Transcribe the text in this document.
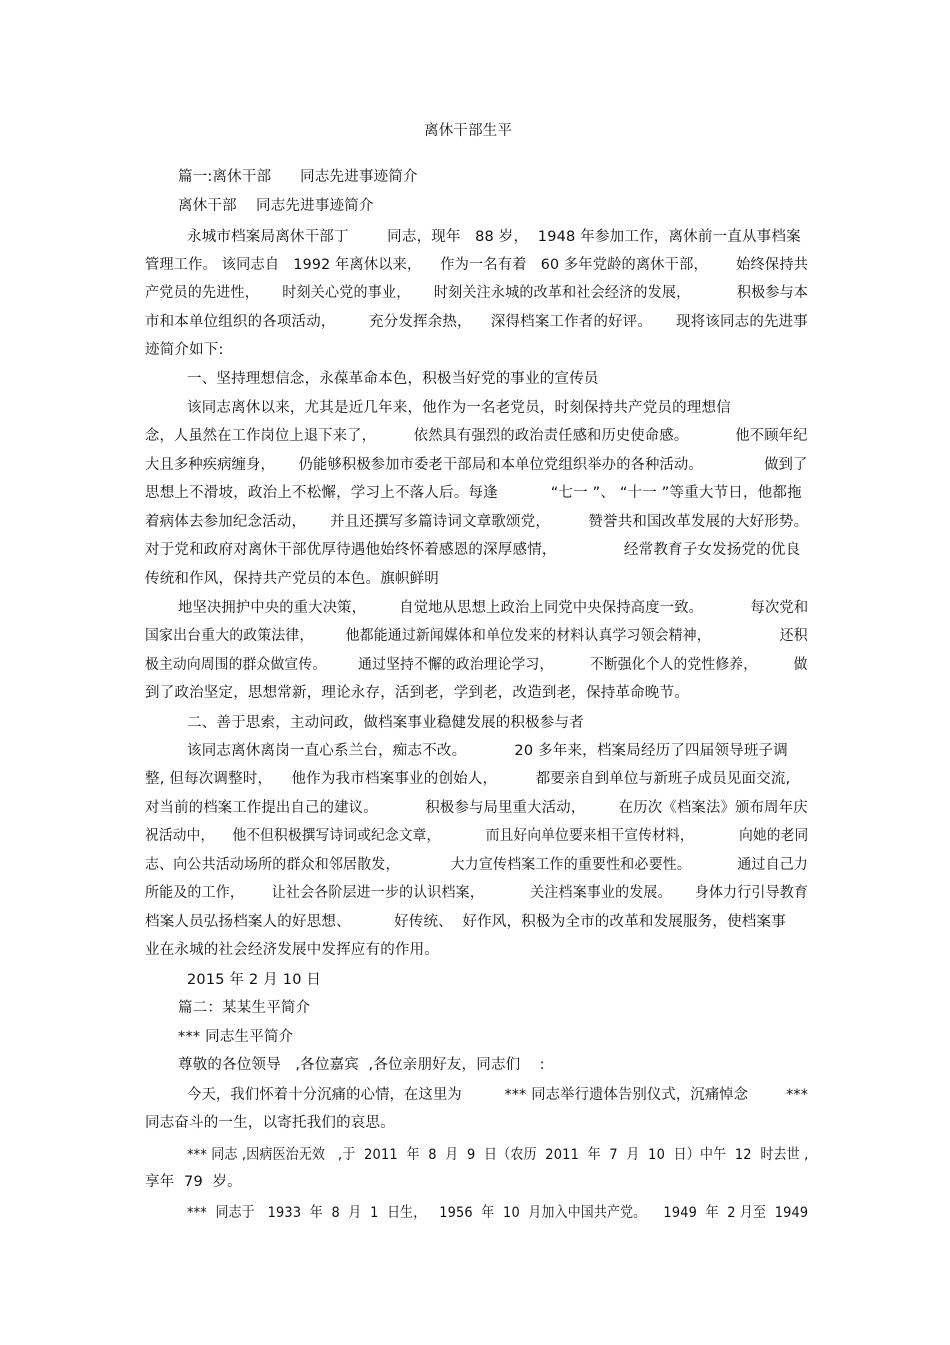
离休干部生平
篇一:离休干部      同志先进事迹简介
离休干部    同志先进事迹简介
永城市档案局离休干部丁        同志，现年   88 岁，  1948 年参加工作，离休前一直从事档案
管理工作。 该同志自   1992 年离休以来，    作为一名有着   60 多年党龄的离休干部，      始终保持共
产党员的先进性，     时刻关心党的事业，     时刻关注永城的改革和社会经济的发展，          积极参与本
市和本单位组织的各项活动，       充分发挥余热，    深得档案工作者的好评。     现将该同志的先进事
迹简介如下:
一、坚持理想信念，永葆革命本色，积极当好党的事业的宣传员
该同志离休以来，尤其是近几年来，他作为一名老党员，时刻保持共产党员的理想信
念，人虽然在工作岗位上退下来了，        依然具有强烈的政治责任感和历史使命感。          他不顾年纪
大且多种疾病缠身，     仍能够积极参加市委老干部局和本单位党组织举办的各种活动。             做到了
思想上不滑坡，政治上不松懈，学习上不落人后。每逢           “七一 ”、 “十一 ”等重大节日，他都拖
着病体去参加纪念活动，     并且还撰写多篇诗词文章歌颂党，        赞誉共和国改革发展的大好形势。
对于党和政府对离休干部优厚待遇他始终怀着感恩的深厚感情，              经常教育子女发扬党的优良
传统和作风，保持共产党员的本色。旗帜鲜明
地坚决拥护中央的重大决策，       自觉地从思想上政治上同党中央保持高度一致。          每次党和
国家出台重大的政策法律，       他都能通过新闻媒体和单位发来的材料认真学习领会精神，               还积
极主动向周围的群众做宣传。       通过坚持不懈的政治理论学习，        不断强化个人的党性修养，        做
到了政治坚定，思想常新，理论永存，活到老，学到老，改造到老，保持革命晚节。
二、善于思索，主动问政，做档案事业稳健发展的积极参与者
该同志离休离岗一直心系兰台，痴志不改。          20 多年来，档案局经历了四届领导班子调
整, 但每次调整时，    他作为我市档案事业的创始人，        都要亲自到单位与新班子成员见面交流,
对当前的档案工作提出自己的建议。          积极参与局里重大活动，       在历次《档案法》颁布周年庆
祝活动中，    他不但积极撰写诗词或纪念文章，          而且好向单位要来相干宣传材料，          向她的老同
志、向公共活动场所的群众和邻居散发，           大力宣传档案工作的重要性和必要性。          通过自己力
所能及的工作，      让社会各阶层进一步的认识档案，          关注档案事业的发展。     身体力行引导教育
档案人员弘扬档案人的好思想、         好传统、  好作风，积极为全市的改革和发展服务，使档案事
业在永城的社会经济发展中发挥应有的作用。
2015 年 2 月 10 日
篇二：某某生平简介
*** 同志生平简介
尊敬的各位领导   ,各位嘉宾  ,各位亲朋好友，同志们    :
今天，我们怀着十分沉痛的心情，在这里为         *** 同志举行遗体告别仪式，沉痛悼念        ***
同志奋斗的一生，以寄托我们的哀思。
*** 同志 ,因病医治无效   ,于  2011  年  8  月  9  日（农历  2011  年  7  月  10  日）中午  12  时去世 ,
享年  79  岁。
***  同志于   1933  年  8  月  1  日生，   1956  年  10  月加入中国共产党。    1949  年  2 月至  1949
